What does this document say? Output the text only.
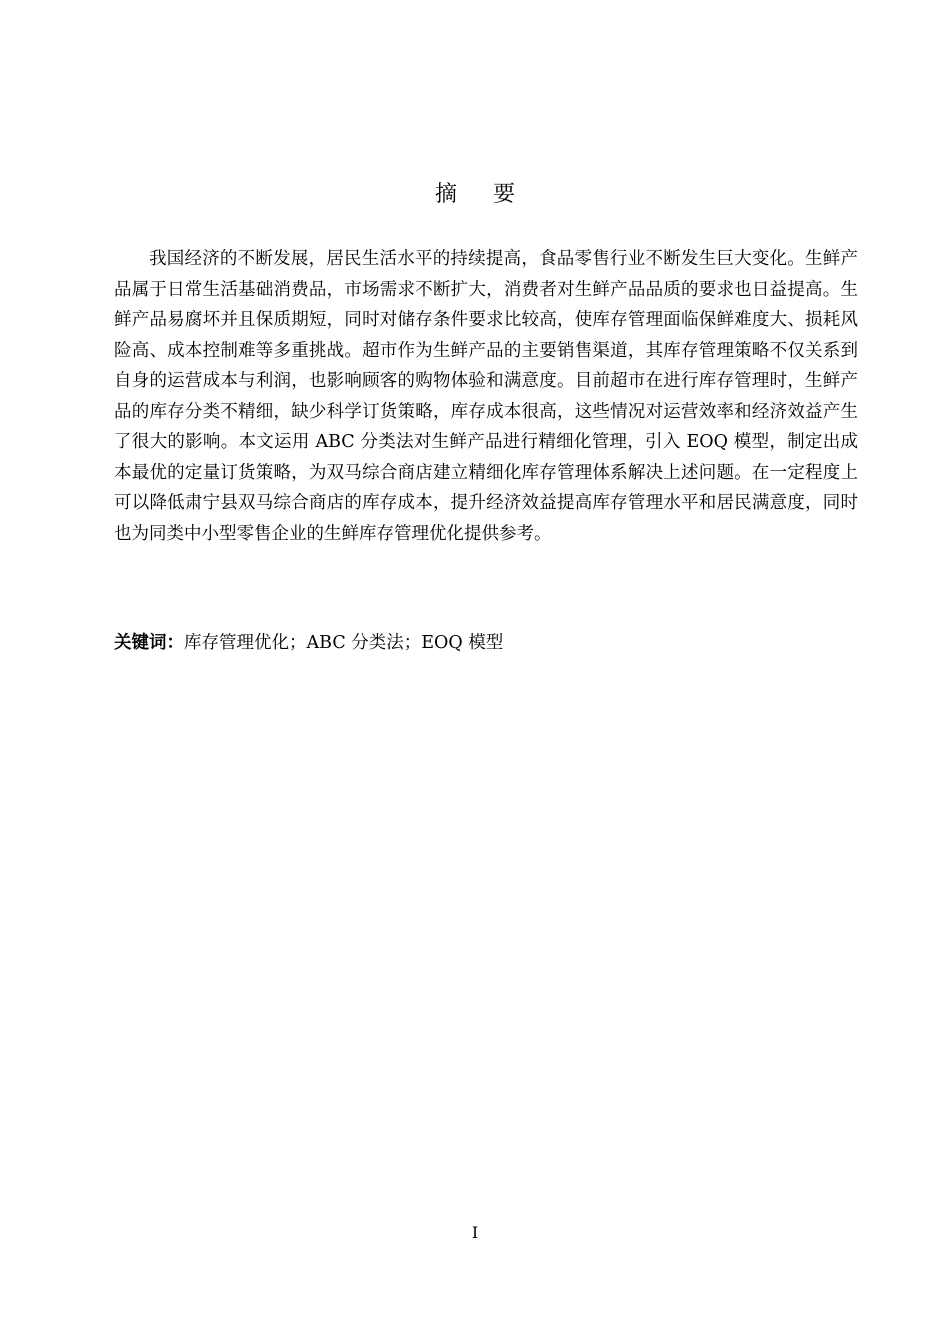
摘要

我国经济的不断发展，居民生活水平的持续提高，食品零售行业不断发生巨大变化。生鲜产品属于日常生活基础消费品，市场需求不断扩大，消费者对生鲜产品品质的要求也日益提高。生鲜产品易腐坏并且保质期短，同时对储存条件要求比较高，使库存管理面临保鲜难度大、损耗风险高、成本控制难等多重挑战。超市作为生鲜产品的主要销售渠道，其库存管理策略不仅关系到自身的运营成本与利润，也影响顾客的购物体验和满意度。目前超市在进行库存管理时，生鲜产品的库存分类不精细，缺少科学订货策略，库存成本很高，这些情况对运营效率和经济效益产生了很大的影响。本文运用 ABC 分类法对生鲜产品进行精细化管理，引入 EOQ 模型，制定出成本最优的定量订货策略，为双马综合商店建立精细化库存管理体系解决上述问题。在一定程度上可以降低肃宁县双马综合商店的库存成本，提升经济效益提高库存管理水平和居民满意度，同时也为同类中小型零售企业的生鲜库存管理优化提供参考。

关键词：库存管理优化；ABC 分类法；EOQ 模型
I
